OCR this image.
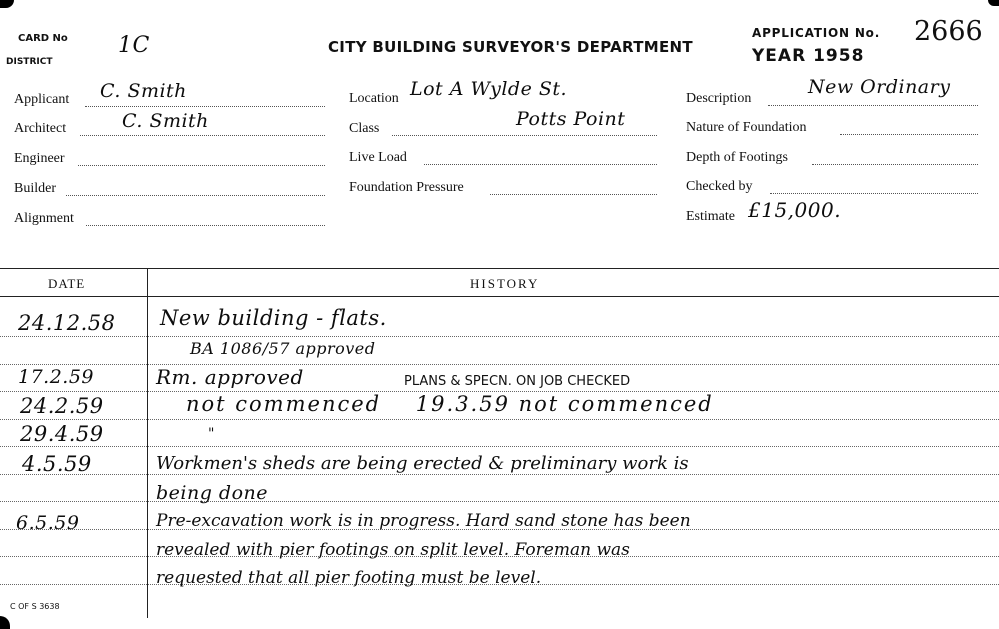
CARD No
DISTRICT
1C	CITY BUILDING SURVEYOR'S DEPARTMENT
APPLICATION No. 2666
YEAR 1958
Applicant C. Smith
Architect	C. Smith
Engineer
Builder
Alignment
Location Lot A Wylde St.
Class	Potts Point
Live Load
Foundation Pressure
Description
New Ordinary
Nature of Foundation
Depth of Footings
Checked by
Estimate £15,000.
DATE	HISTORY
24.12.58 New building - flats.
BA 1086/57 approved
17.2.59	Rm. approved	PLANS & SPECN. ON JOB CHECKED
24.2.59	not commenced    19.3.59 not commenced
29.4.59	"
4.5.59	Workmen's sheds are being erected & preliminary work is
being done
6.5.59	Pre-excavation work is in progress. Hard sand stone has been
revealed with pier footings on split level. Foreman was
requested that all pier footing must be level.
C OF S 3638
